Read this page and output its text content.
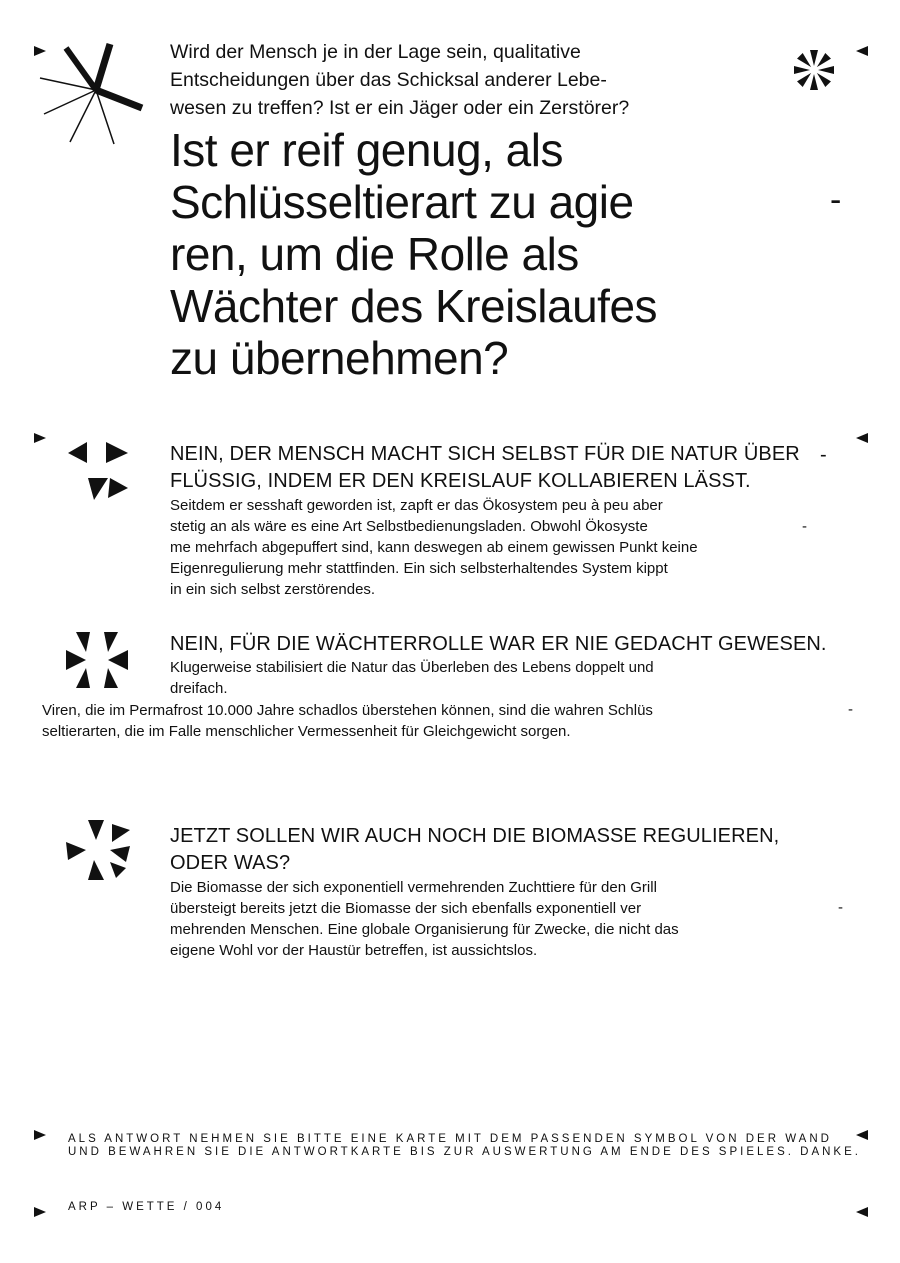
Wird der Mensch je in der Lage sein, qualitative
Entscheidungen über das Schicksal anderer Lebe-
wesen zu treffen? Ist er ein Jäger oder ein Zerstörer?
Ist er reif genug, als
Schlüsseltierart zu agie
ren, um die Rolle als
Wächter des Kreislaufes
zu übernehmen?
-
NEIN, DER MENSCH MACHT SICH SELBST FÜR DIE NATUR ÜBER
FLÜSSIG, INDEM ER DEN KREISLAUF KOLLABIEREN LÄSST.
-
Seitdem er sesshaft geworden ist, zapft er das Ökosystem peu à peu aber
stetig an als wäre es eine Art Selbstbedienungsladen. Obwohl Ökosyste
me mehrfach abgepuffert sind, kann deswegen ab einem gewissen Punkt keine
Eigenregulierung mehr stattfinden. Ein sich selbsterhaltendes System kippt
in ein sich selbst zerstörendes.
-
NEIN, FÜR DIE WÄCHTERROLLE WAR ER NIE GEDACHT GEWESEN.
Klugerweise stabilisiert die Natur das Überleben des Lebens doppelt und
dreifach.
Viren, die im Permafrost 10.000 Jahre schadlos überstehen können, sind die wahren Schlüs
seltierarten, die im Falle menschlicher Vermessenheit für Gleichgewicht sorgen.
-
JETZT SOLLEN WIR AUCH NOCH DIE BIOMASSE REGULIEREN,
ODER WAS?
Die Biomasse der sich exponentiell vermehrenden Zuchttiere für den Grill
übersteigt bereits jetzt die Biomasse der sich ebenfalls exponentiell ver
mehrenden Menschen. Eine globale Organisierung für Zwecke, die nicht das
eigene Wohl vor der Haustür betreffen, ist aussichtslos.
-
ALS ANTWORT NEHMEN SIE BITTE EINE KARTE MIT DEM PASSENDEN SYMBOL VON DER WAND
UND BEWAHREN SIE DIE ANTWORTKARTE BIS ZUR AUSWERTUNG AM ENDE DES SPIELES. DANKE.
ARP – WETTE / 004
